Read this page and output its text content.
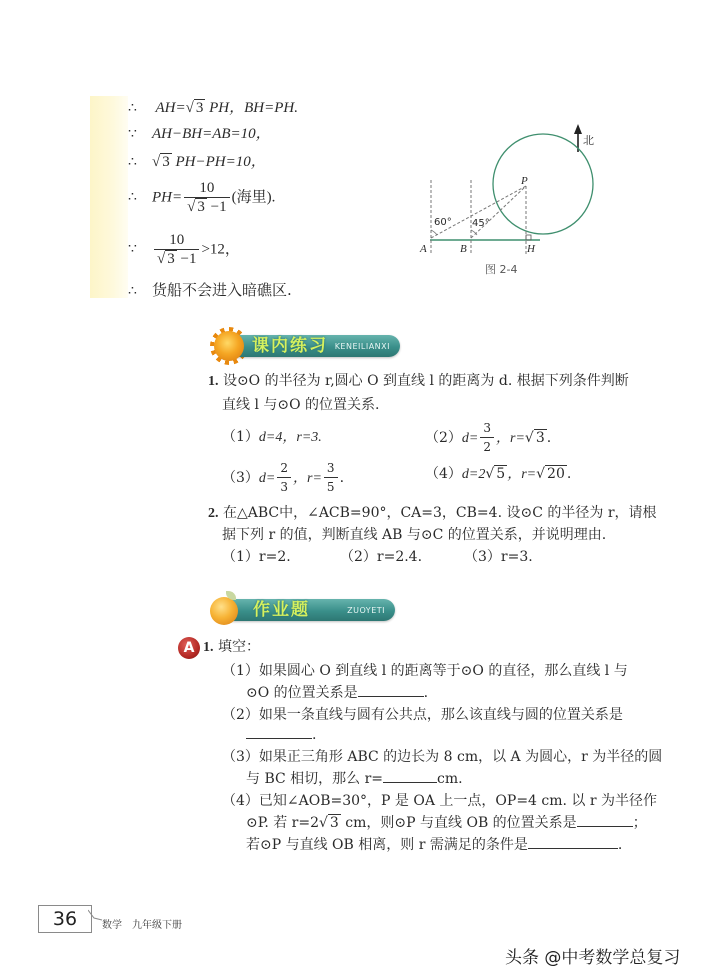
∴ AH=√ 3 PH，BH=PH.
∵ AH−BH=AB=10，
∴ √ 3 PH−PH=10，
∴ $PH= \frac{10}{√ 3 -1}$ (海里).
∵ $\frac{10}{√ 3 -1} >12$，
∴ 货船不会进入暗礁区.
P
A	B	H
60° 45°
北
图 2-4
课内练习 KENEILIANXI
1. 设⊙O 的半径为 r,圆心 O 到直线 l 的距离为 d. 根据下列条件判断
直线 l 与⊙O 的位置关系.
（1）d=4，r=3.	$(2)d= \frac{3}{2}$ ，r=√ 3 .
$(3)d= \frac{2}{3}$ ，$r= \frac{3}{5}$ .	（4）d=2√ 5 ，r=√ 20 .
2. 在△ABC中，∠ACB=90°，CA=3，CB=4. 设⊙C 的半径为 r，请根
据下列 r 的值，判断直线 AB 与⊙C 的位置关系，并说明理由.
（1）r=2.	（2）r=2.4.	（3）r=3.
作业题	ZUOYETI
A 1. 填空：
（1）如果圆心 O 到直线 l 的距离等于⊙O 的直径，那么直线 l 与
⊙O 的位置关系是	.
（2）如果一条直线与圆有公共点，那么该直线与圆的位置关系是
.
（3）如果正三角形 ABC 的边长为 8 cm，以 A 为圆心，r 为半径的圆
与 BC 相切，那么 r=	cm.
（4）已知∠AOB=30°，P 是 OA 上一点，OP=4 cm. 以 r 为半径作
⊙P. 若 r=2√ 3 cm，则⊙P 与直线 OB 的位置关系是	；
若⊙P 与直线 OB 相离，则 r 需满足的条件是	.
36	数学　九年级下册
头条 @中考数学总复习
